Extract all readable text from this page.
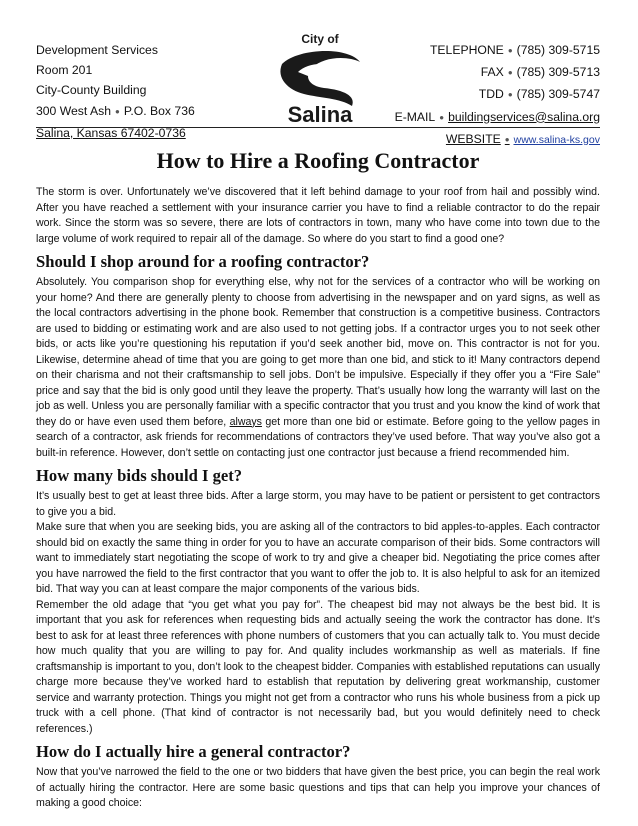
Development Services
Room 201
City-County Building
300 West Ash ● P.O. Box 736
Salina, Kansas 67402-0736
City of
Salina
TELEPHONE ● (785) 309-5715
FAX ● (785) 309-5713
TDD ● (785) 309-5747
E-MAIL ● buildingservices@salina.org
WEBSITE ● www.salina-ks.gov
How to Hire a Roofing Contractor

The storm is over. Unfortunately we’ve discovered that it left behind damage to your roof from hail and possibly wind. After you have reached a settlement with your insurance carrier you have to find a reliable contractor to do the repair work. Since the storm was so severe, there are lots of contractors in town, many who have come into town due to the large volume of work required to repair all of the damage. So where do you start to find a good one?

Should I shop around for a roofing contractor?

Absolutely. You comparison shop for everything else, why not for the services of a contractor who will be working on your home? And there are generally plenty to choose from advertising in the newspaper and on yard signs, as well as the local contractors advertising in the phone book. Remember that construction is a competitive business. Contractors are used to bidding or estimating work and are also used to not getting jobs. If a contractor urges you to not seek other bids, or acts like you’re questioning his reputation if you’d seek another bid, move on. This contractor is not for you. Likewise, determine ahead of time that you are going to get more than one bid, and stick to it! Many contractors depend on their charisma and not their craftsmanship to sell jobs. Don’t be impulsive. Especially if they offer you a “Fire Sale” price and say that the bid is only good until they leave the property. That’s usually how long the warranty will last on the job as well. Unless you are personally familiar with a specific contractor that you trust and you know the kind of work that they do or have even used them before, always get more than one bid or estimate. Before going to the yellow pages in search of a contractor, ask friends for recommendations of contractors they’ve used before. That way you’ve also got a built-in reference. However, don’t settle on contacting just one contractor just because a friend recommended him.

How many bids should I get?

It’s usually best to get at least three bids. After a large storm, you may have to be patient or persistent to get contractors to give you a bid.

Make sure that when you are seeking bids, you are asking all of the contractors to bid apples-to-apples. Each contractor should bid on exactly the same thing in order for you to have an accurate comparison of their bids. Some contractors will want to immediately start negotiating the scope of work to try and give a cheaper bid. Negotiating the price comes after you have narrowed the field to the first contractor that you want to offer the job to. It is also helpful to ask for an itemized bid. That way you can at least compare the major components of the various bids.

Remember the old adage that “you get what you pay for”. The cheapest bid may not always be the best bid. It is important that you ask for references when requesting bids and actually seeing the work the contractor has done. It’s best to ask for at least three references with phone numbers of customers that you can actually talk to. You must decide how much quality that you are willing to pay for. And quality includes workmanship as well as materials. If fine craftsmanship is important to you, don’t look to the cheapest bidder. Companies with established reputations can usually charge more because they’ve worked hard to establish that reputation by delivering great workmanship, customer service and warranty protection. Things you might not get from a contractor who runs his whole business from a pick up truck with a cell phone. (That kind of contractor is not necessarily bad, but you would definitely need to check references.)

How do I actually hire a general contractor?

Now that you’ve narrowed the field to the one or two bidders that have given the best price, you can begin the real work of actually hiring the contractor. Here are some basic questions and tips that can help you improve your chances of making a good choice:
